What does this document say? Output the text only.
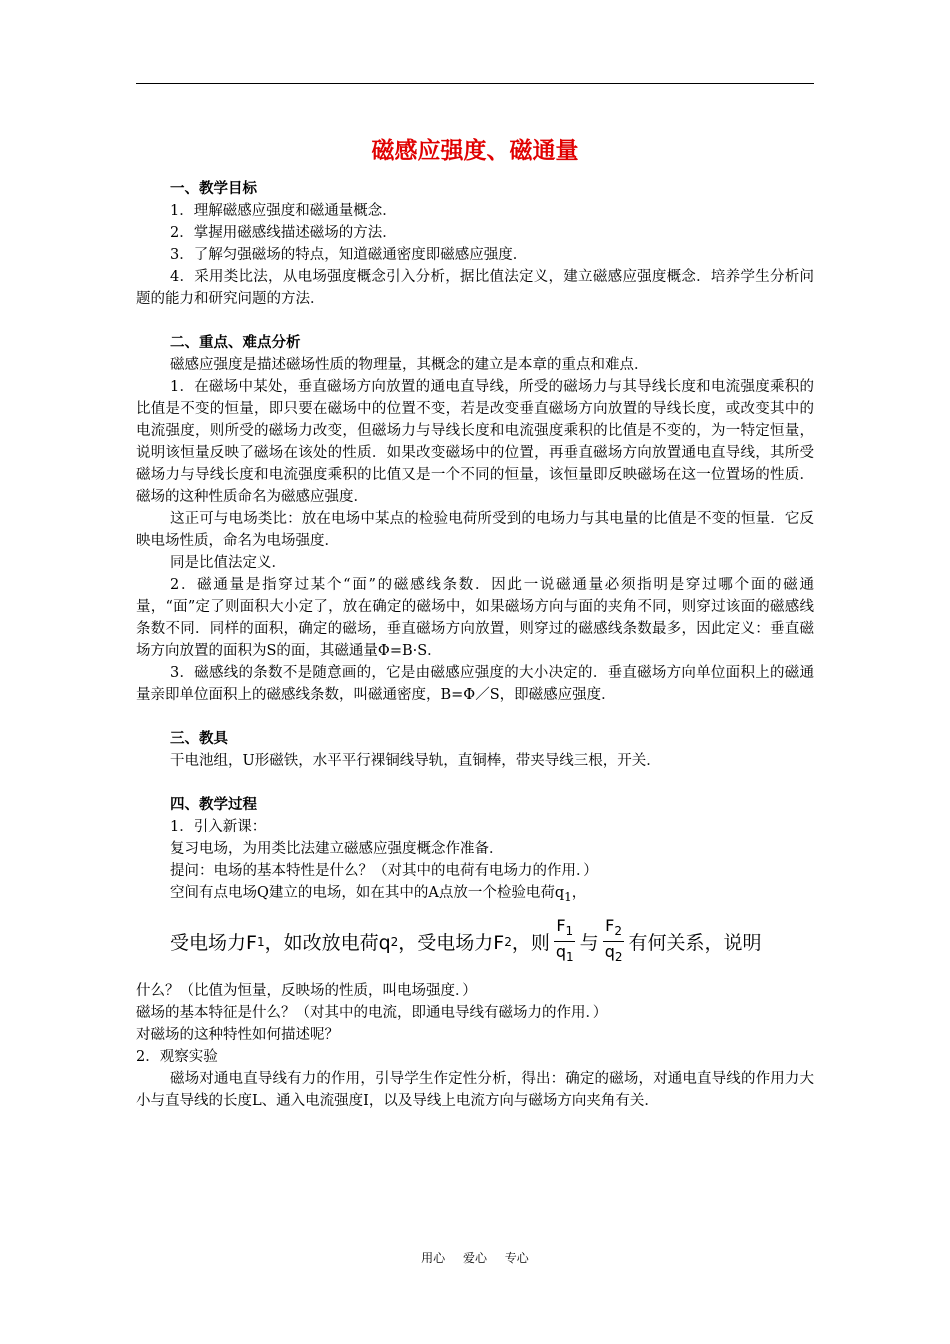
磁感应强度、磁通量
一、教学目标
1．理解磁感应强度和磁通量概念．
2．掌握用磁感线描述磁场的方法．
3．了解匀强磁场的特点，知道磁通密度即磁感应强度．
4．采用类比法，从电场强度概念引入分析，据比值法定义，建立磁感应强度概念．培养学生分析问题的能力和研究问题的方法．
二、重点、难点分析
磁感应强度是描述磁场性质的物理量，其概念的建立是本章的重点和难点．
1．在磁场中某处，垂直磁场方向放置的通电直导线，所受的磁场力与其导线长度和电流强度乘积的比值是不变的恒量，即只要在磁场中的位置不变，若是改变垂直磁场方向放置的导线长度，或改变其中的电流强度，则所受的磁场力改变，但磁场力与导线长度和电流强度乘积的比值是不变的，为一特定恒量，说明该恒量反映了磁场在该处的性质．如果改变磁场中的位置，再垂直磁场方向放置通电直导线，其所受磁场力与导线长度和电流强度乘积的比值又是一个不同的恒量，该恒量即反映磁场在这一位置场的性质．磁场的这种性质命名为磁感应强度．
这正可与电场类比：放在电场中某点的检验电荷所受到的电场力与其电量的比值是不变的恒量．它反映电场性质，命名为电场强度．
同是比值法定义．
2．磁通量是指穿过某个“面”的磁感线条数．因此一说磁通量必须指明是穿过哪个面的磁通量，“面”定了则面积大小定了，放在确定的磁场中，如果磁场方向与面的夹角不同，则穿过该面的磁感线条数不同．同样的面积，确定的磁场，垂直磁场方向放置，则穿过的磁感线条数最多，因此定义：垂直磁场方向放置的面积为S的面，其磁通量Φ=B·S．
3．磁感线的条数不是随意画的，它是由磁感应强度的大小决定的．垂直磁场方向单位面积上的磁通量亲即单位面积上的磁感线条数，叫磁通密度，B=Φ／S，即磁感应强度．
三、教具
干电池组，U形磁铁，水平平行裸铜线导轨，直铜棒，带夹导线三根，开关．
四、教学过程
1．引入新课：
复习电场，为用类比法建立磁感应强度概念作准备．
提问：电场的基本特性是什么？（对其中的电荷有电场力的作用．）
空间有点电场Q建立的电场，如在其中的A点放一个检验电荷$q_1$，
受电场力F 1 ，如改放电荷q 2 ，受电场力F 2 ，则 $\frac{F_1}{q_1}$ 与 $\frac{F_2}{q_2}$ 有何关系，说明
什么？（比值为恒量，反映场的性质，叫电场强度．）
磁场的基本特征是什么？（对其中的电流，即通电导线有磁场力的作用．）
对磁场的这种特性如何描述呢？
2．观察实验
磁场对通电直导线有力的作用，引导学生作定性分析，得出：确定的磁场，对通电直导线的作用力大小与直导线的长度L、通入电流强度I，以及导线上电流方向与磁场方向夹角有关．
用心 爱心 专心
